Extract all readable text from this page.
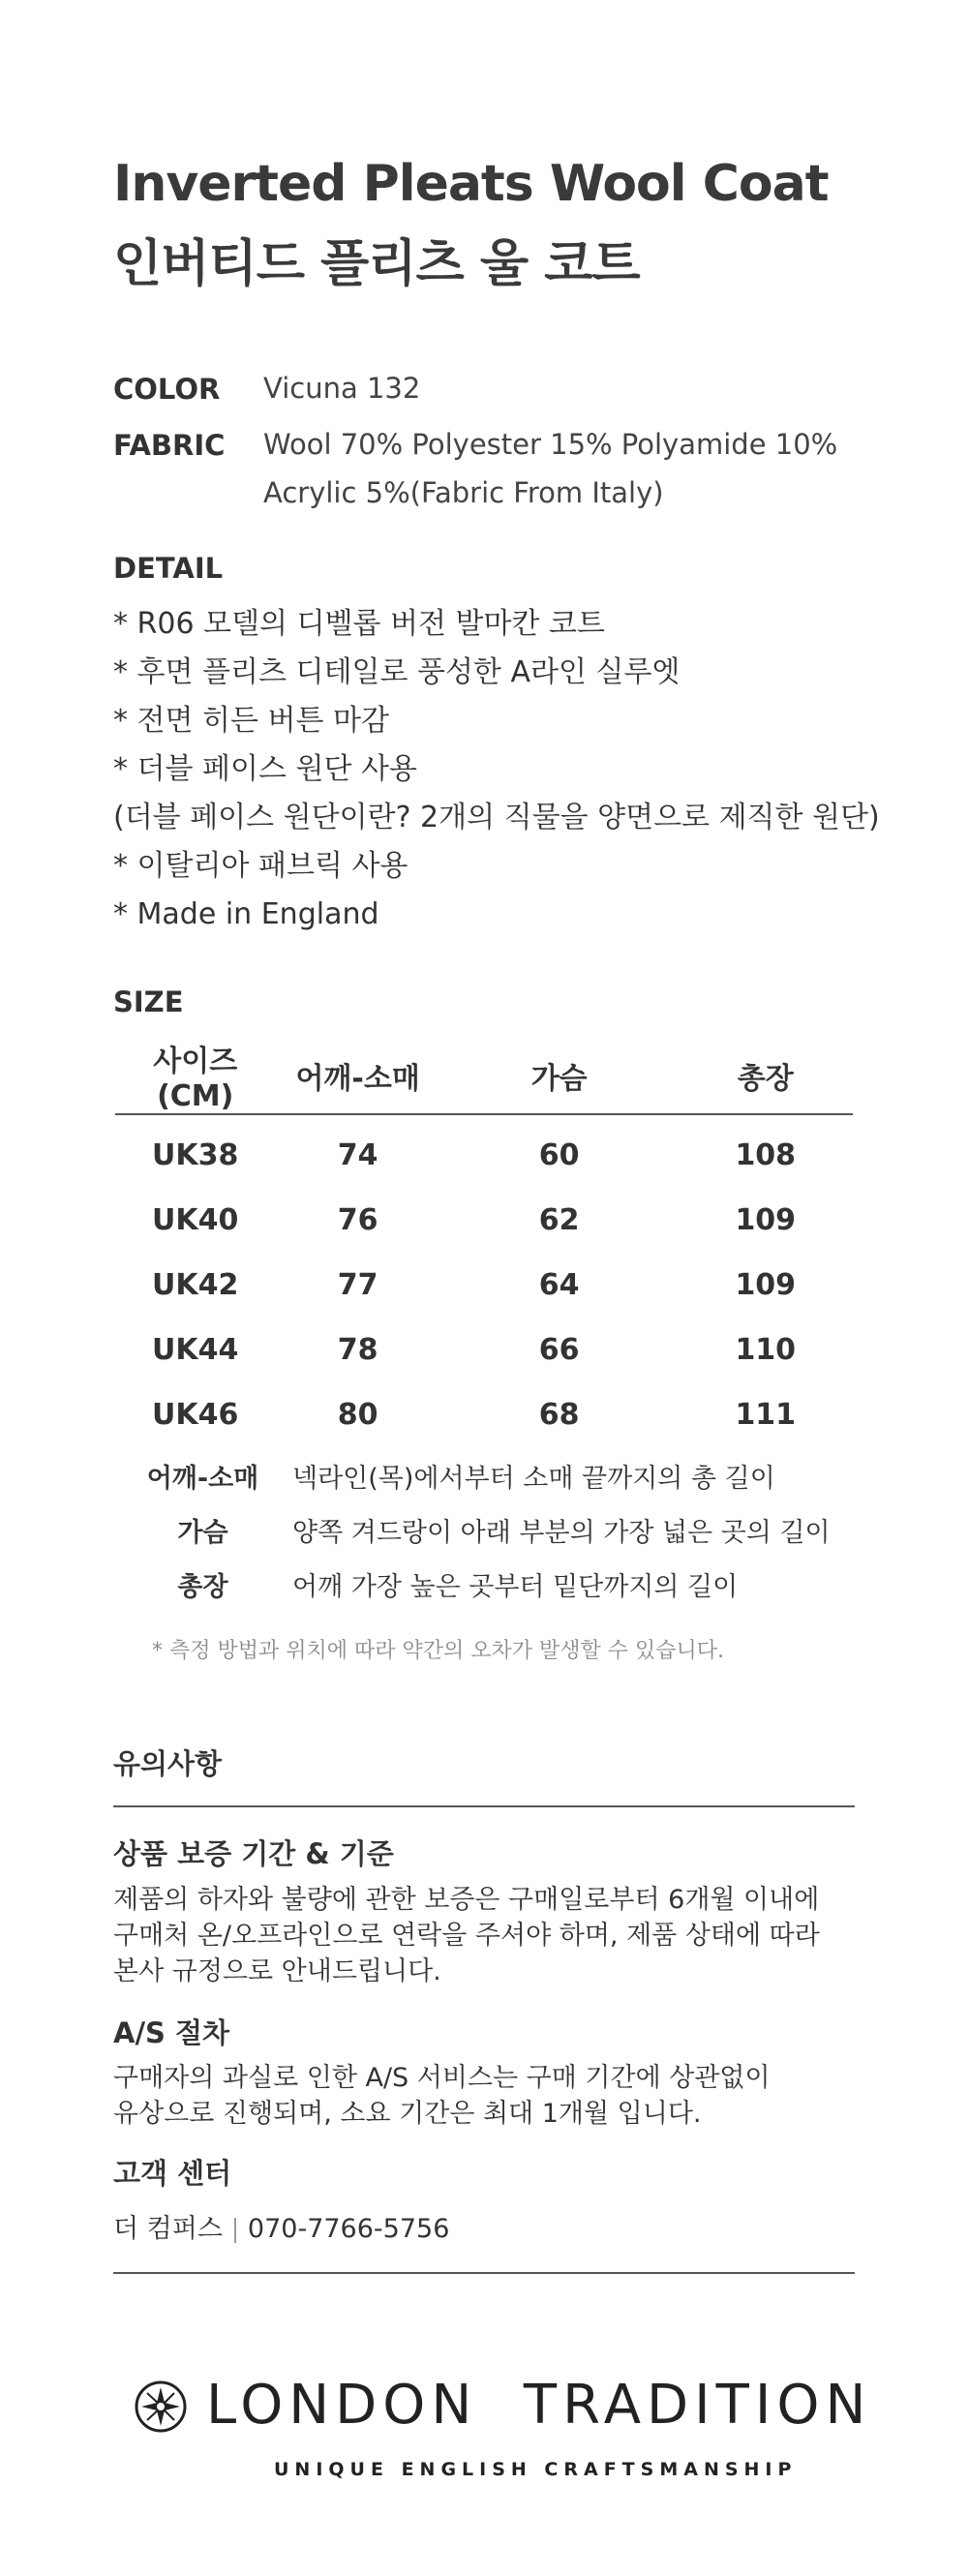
Inverted Pleats Wool Coat
인버티드 플리츠 울 코트
COLOR Vicuna 132
FABRIC Wool 70% Polyester 15% Polyamide 10%
Acrylic 5%(Fabric From Italy)
DETAIL
* R06 모델의 디벨롭 버전 발마칸 코트
* 후면 플리츠 디테일로 풍성한 A라인 실루엣
* 전면 히든 버튼 마감
* 더블 페이스 원단 사용
(더블 페이스 원단이란? 2개의 직물을 양면으로 제직한 원단)
* 이탈리아 패브릭 사용
* Made in England
SIZE
사이즈(CM)	어깨-소매	가슴	총장
UK38	74	60	108
UK40	76	62	109
UK42	77	64	109
UK44	78	66	110
UK46	80	68	111
어깨-소매	넥라인(목)에서부터 소매 끝까지의 총 길이
가슴	양쪽 겨드랑이 아래 부분의 가장 넓은 곳의 길이
총장	어깨 가장 높은 곳부터 밑단까지의 길이
* 측정 방법과 위치에 따라 약간의 오차가 발생할 수 있습니다.
유의사항
상품 보증 기간 & 기준

제품의 하자와 불량에 관한 보증은 구매일로부터 6개월 이내에
구매처 온/오프라인으로 연락을 주셔야 하며, 제품 상태에 따라
본사 규정으로 안내드립니다.

A/S 절차

구매자의 과실로 인한 A/S 서비스는 구매 기간에 상관없이
유상으로 진행되며, 소요 기간은 최대 1개월 입니다.

고객 센터
더 컴퍼스 070-7766-5756
LONDON  TRADITION
UNIQUE ENGLISH CRAFTSMANSHIP
